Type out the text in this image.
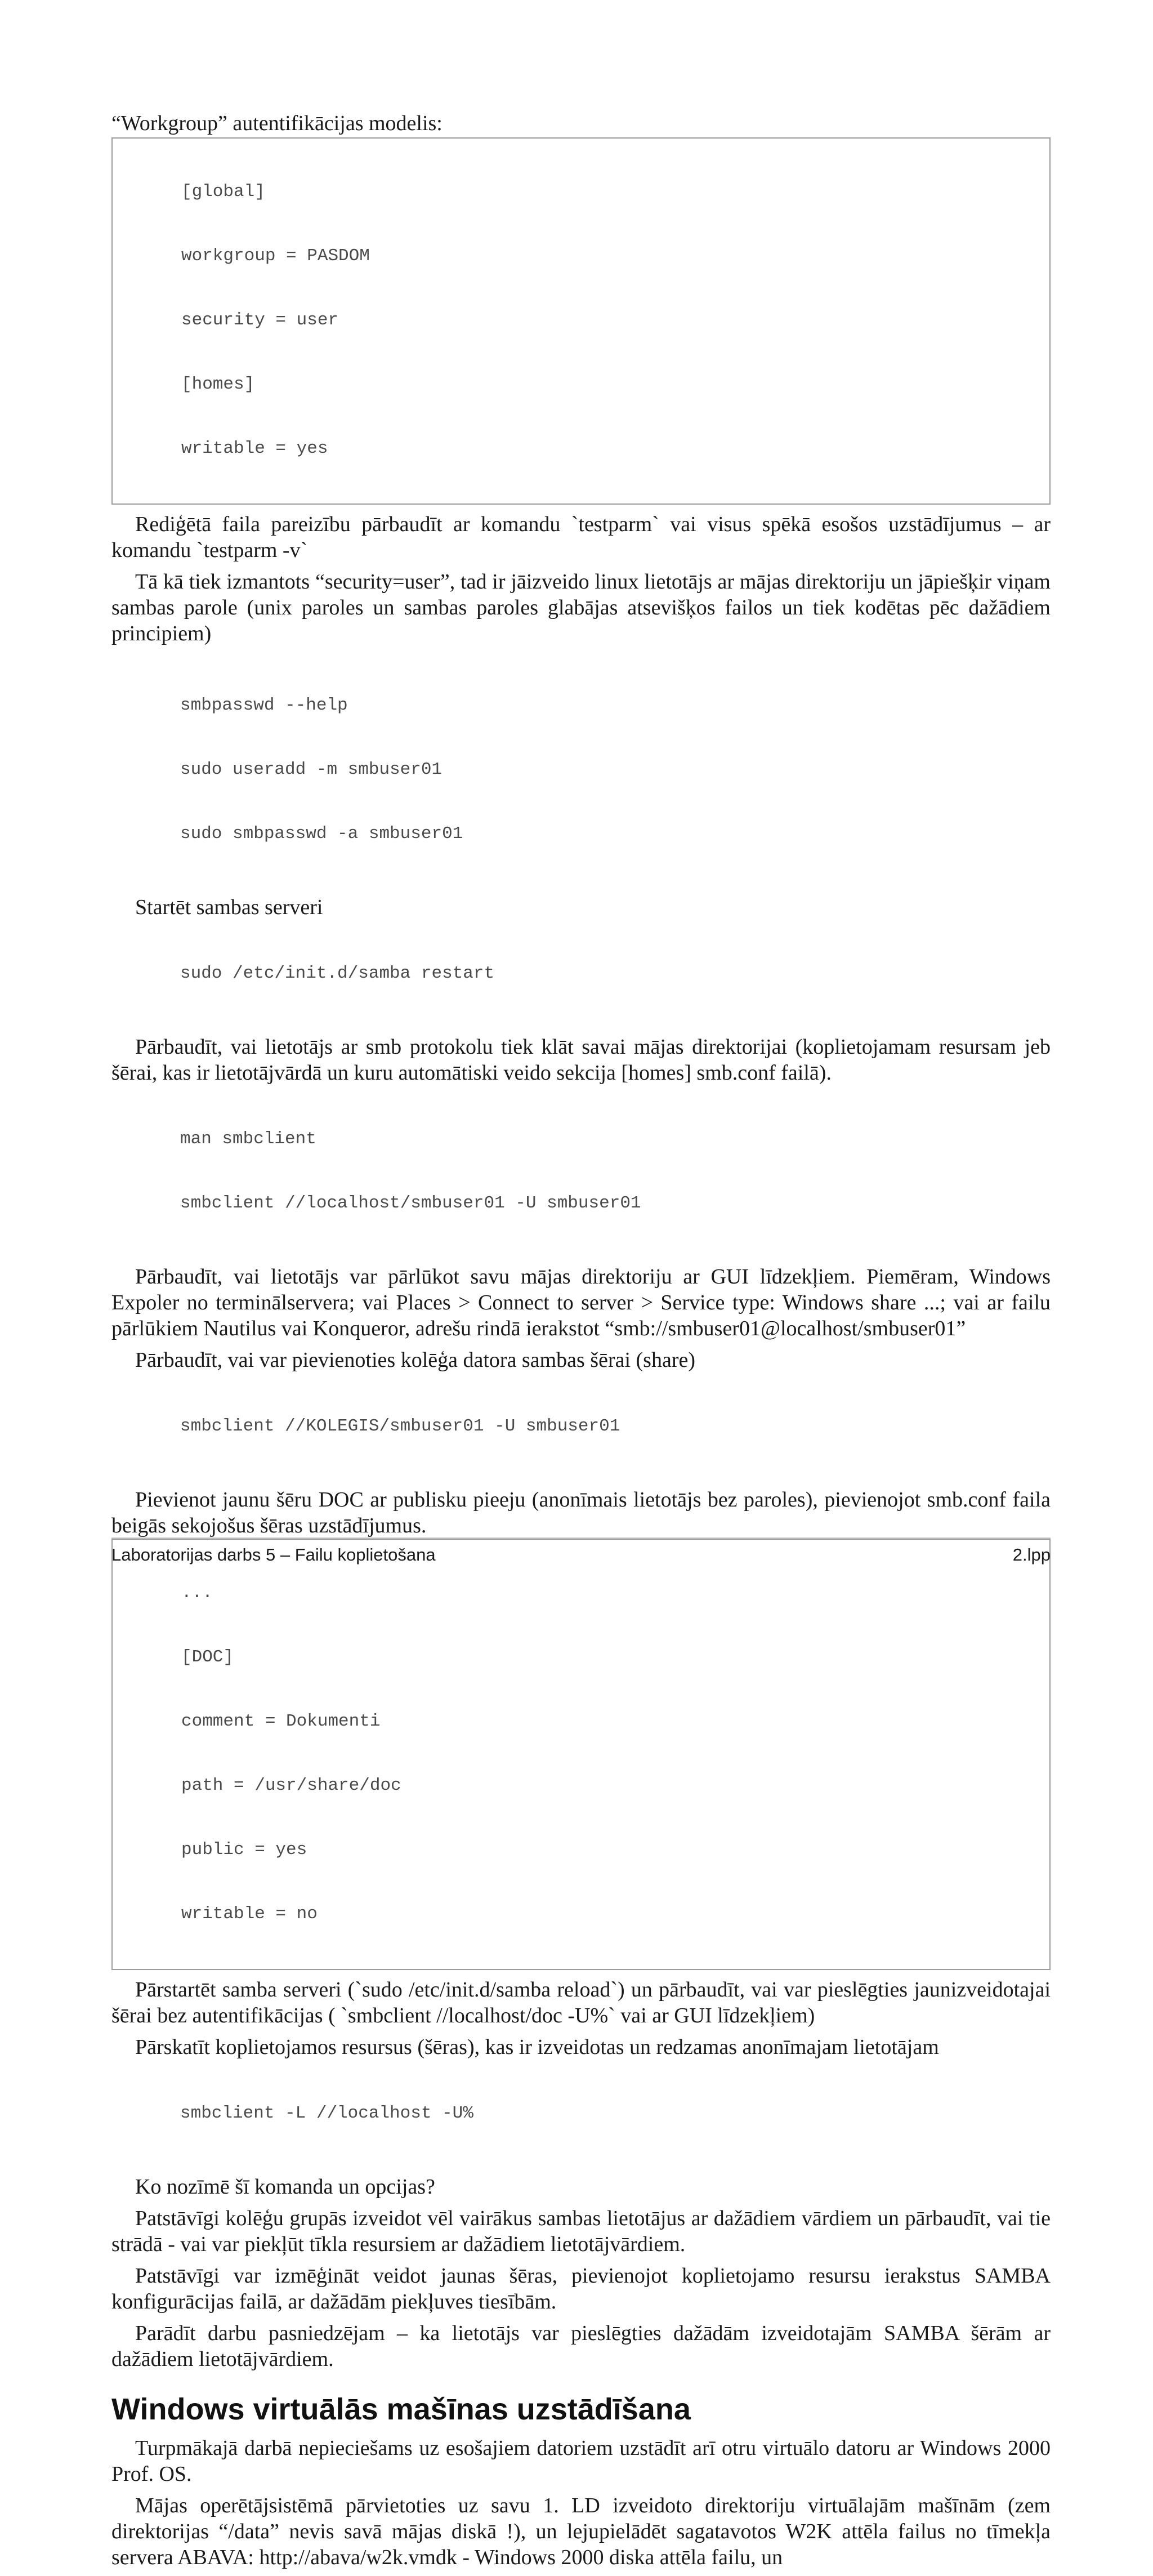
“Workgroup” autentifikācijas modelis:

[global]

workgroup = PASDOM

security = user

[homes]

writable = yes

Rediģētā faila pareizību pārbaudīt ar komandu `testparm` vai visus spēkā esošos uzstādījumus – ar komandu `testparm -v`

Tā kā tiek izmantots “security=user”, tad ir jāizveido linux lietotājs ar mājas direktoriju un jāpiešķir viņam sambas parole (unix paroles un sambas paroles glabājas atsevišķos failos un tiek kodētas pēc dažādiem principiem)

smbpasswd --help

sudo useradd -m smbuser01

sudo smbpasswd -a smbuser01

Startēt sambas serveri

sudo /etc/init.d/samba restart

Pārbaudīt, vai lietotājs ar smb protokolu tiek klāt savai mājas direktorijai (koplietojamam resursam jeb šērai, kas ir lietotājvārdā un kuru automātiski veido sekcija [homes] smb.conf failā).

man smbclient

smbclient //localhost/smbuser01 -U smbuser01

Pārbaudīt, vai lietotājs var pārlūkot savu mājas direktoriju ar GUI līdzekļiem. Piemēram, Windows Expoler no terminālservera; vai Places > Connect to server > Service type: Windows share ...; vai ar failu pārlūkiem Nautilus vai Konqueror, adrešu rindā ierakstot “smb://smbuser01@localhost/smbuser01”

Pārbaudīt, vai var pievienoties kolēģa datora sambas šērai (share)

smbclient //KOLEGIS/smbuser01 -U smbuser01

Pievienot jaunu šēru DOC ar publisku pieeju (anonīmais lietotājs bez paroles), pievienojot smb.conf faila beigās sekojošus šēras uzstādījumus.

...

[DOC]

comment = Dokumenti

path = /usr/share/doc

public = yes

writable = no

Pārstartēt samba serveri (`sudo /etc/init.d/samba reload`) un pārbaudīt, vai var pieslēgties jaunizveidotajai šērai bez autentifikācijas ( `smbclient //localhost/doc -U%` vai ar GUI līdzekļiem)

Pārskatīt koplietojamos resursus (šēras), kas ir izveidotas un redzamas anonīmajam lietotājam

smbclient -L //localhost -U%

Ko nozīmē šī komanda un opcijas?

Patstāvīgi kolēģu grupās izveidot vēl vairākus sambas lietotājus ar dažādiem vārdiem un pārbaudīt, vai tie strādā - vai var piekļūt tīkla resursiem ar dažādiem lietotājvārdiem.

Patstāvīgi var izmēģināt veidot jaunas šēras, pievienojot koplietojamo resursu ierakstus SAMBA konfigurācijas failā, ar dažādām piekļuves tiesībām.

Parādīt darbu pasniedzējam – ka lietotājs var pieslēgties dažādām izveidotajām SAMBA šērām ar dažādiem lietotājvārdiem.

Windows virtuālās mašīnas uzstādīšana

Turpmākajā darbā nepieciešams uz esošajiem datoriem uzstādīt arī otru virtuālo datoru ar Windows 2000 Prof. OS.

Mājas operētājsistēmā pārvietoties uz savu 1. LD izveidoto direktoriju virtuālajām mašīnām (zem direktorijas “/data” nevis savā mājas diskā !), un lejupielādēt sagatavotos W2K attēla failus no tīmekļa servera ABAVA: http://abava/w2k.vmdk - Windows 2000 diska attēla failu, un

Laboratorijas darbs 5 – Failu koplietošana	2.lpp
